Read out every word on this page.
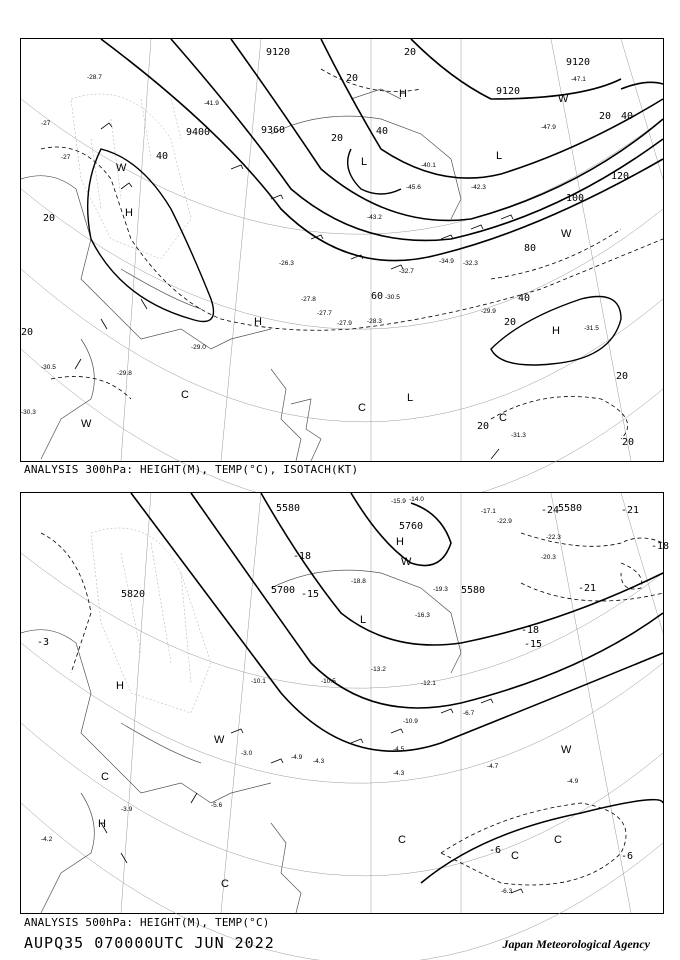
9120
9120
9120
9360
9400
20
20
40
40
40
60
80
100
120
20
20
20
20
20
20
40
20
20
H
H
H
H
L
L
L
C
C
C
W
W
W
W
-27
-27
-28.7
-29.0
-41.9
-43.2
-45.6	-42.3
-40.1
-47.9
-47.1
-34.9 -32.3
-32.7
-30.5
-29.9
-28.3
-27.9
-27.7
-27.8
-31.5
-31.3
-30.5
-30.3
-29.8
-26.3
ANALYSIS 300hPa: HEIGHT(M), TEMP(°C), ISOTACH(KT)
5760
5580
5580
5580
5820	5700
-24	-21
-21
-18
-18
-18
-15
-15
-3
-6
-6
H
H
H
L
C
C
C
C
C
W
W
W
-15.9 -14.0
-18.8
-17.1
-16.3
-19.3
-22.9
-22.3
-20.3
-13.2
-4.9
-4.7
-4.3
-4.3
-6.3
-5.6
-4.9
-10.1	-10.5
-10.9
-12.1
-6.7
-4.5
-3.0
-3.9
-4.2
ANALYSIS 500hPa: HEIGHT(M), TEMP(°C)
AUPQ35 070000UTC JUN 2022	Japan Meteorological Agency
